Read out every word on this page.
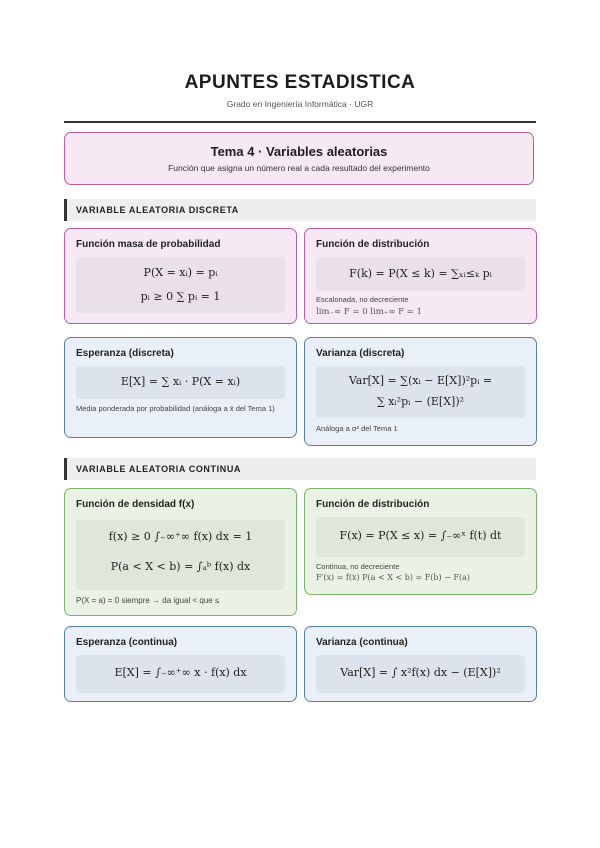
APUNTES ESTADISTICA
Grado en Ingeniería Informática · UGR
Tema 4 · Variables aleatorias
Función que asigna un número real a cada resultado del experimento
VARIABLE ALEATORIA DISCRETA
Función masa de probabilidad
P(X = xᵢ) = pᵢ
pᵢ ≥ 0 ∑ pᵢ = 1
Función de distribución
F(k) = P(X ≤ k) = ∑ₓᵢ≤ₖ pᵢ
Escalonada, no decreciente
lim₋∞ F = 0 lim₊∞ F = 1
Esperanza (discreta)
E[X] = ∑ xᵢ · P(X = xᵢ)
Media ponderada por probabilidad (análoga a x̄ del Tema 1)
Varianza (discreta)
Var[X] = ∑(xᵢ − E[X])²pᵢ =
∑ xᵢ²pᵢ − (E[X])²
Análoga a σ² del Tema 1
VARIABLE ALEATORIA CONTINUA
Función de densidad f(x)
f(x) ≥ 0 ∫₋∞⁺∞ f(x) dx = 1
P(a < X < b) = ∫ₐᵇ f(x) dx
P(X = a) = 0 siempre → da igual < que ≤
Función de distribución
F(x) = P(X ≤ x) = ∫₋∞ˣ f(t) dt
Continua, no decreciente
F′(x) = f(x) P(a < X < b) = F(b) − F(a)
Esperanza (continua)
E[X] = ∫₋∞⁺∞ x · f(x) dx
Varianza (continua)
Var[X] = ∫ x²f(x) dx − (E[X])²
